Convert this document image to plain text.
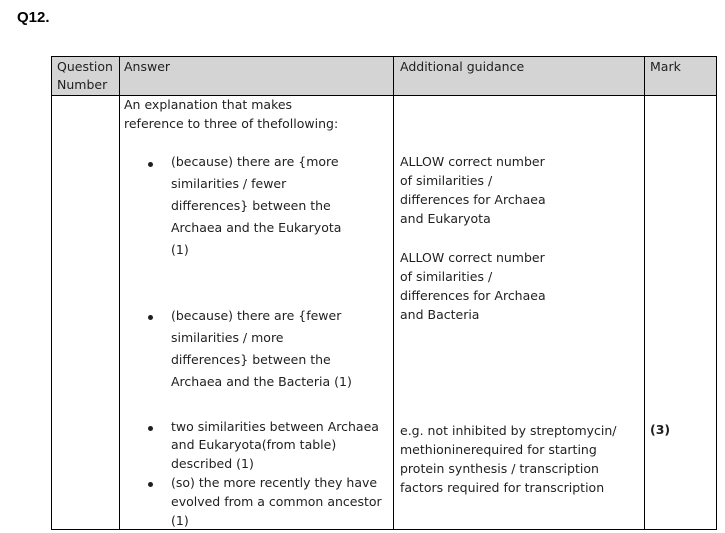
Q12.
Question
Number
Answer	Additional guidance	Mark
An explanation that makes
reference to three of thefollowing:
(because) there are {more
similarities / fewer
differences} between the
Archaea and the Eukaryota
(1)
(because) there are {fewer
similarities / more
differences} between the
Archaea and the Bacteria (1)
two similarities between Archaea
and Eukaryota(from table)
described (1)
(so) the more recently they have
evolved from a common ancestor
(1)
ALLOW correct number
of similarities /
differences for Archaea
and Eukaryota
ALLOW correct number
of similarities /
differences for Archaea
and Bacteria
e.g. not inhibited by streptomycin/
methioninerequired for starting
protein synthesis / transcription
factors required for transcription
(3)
